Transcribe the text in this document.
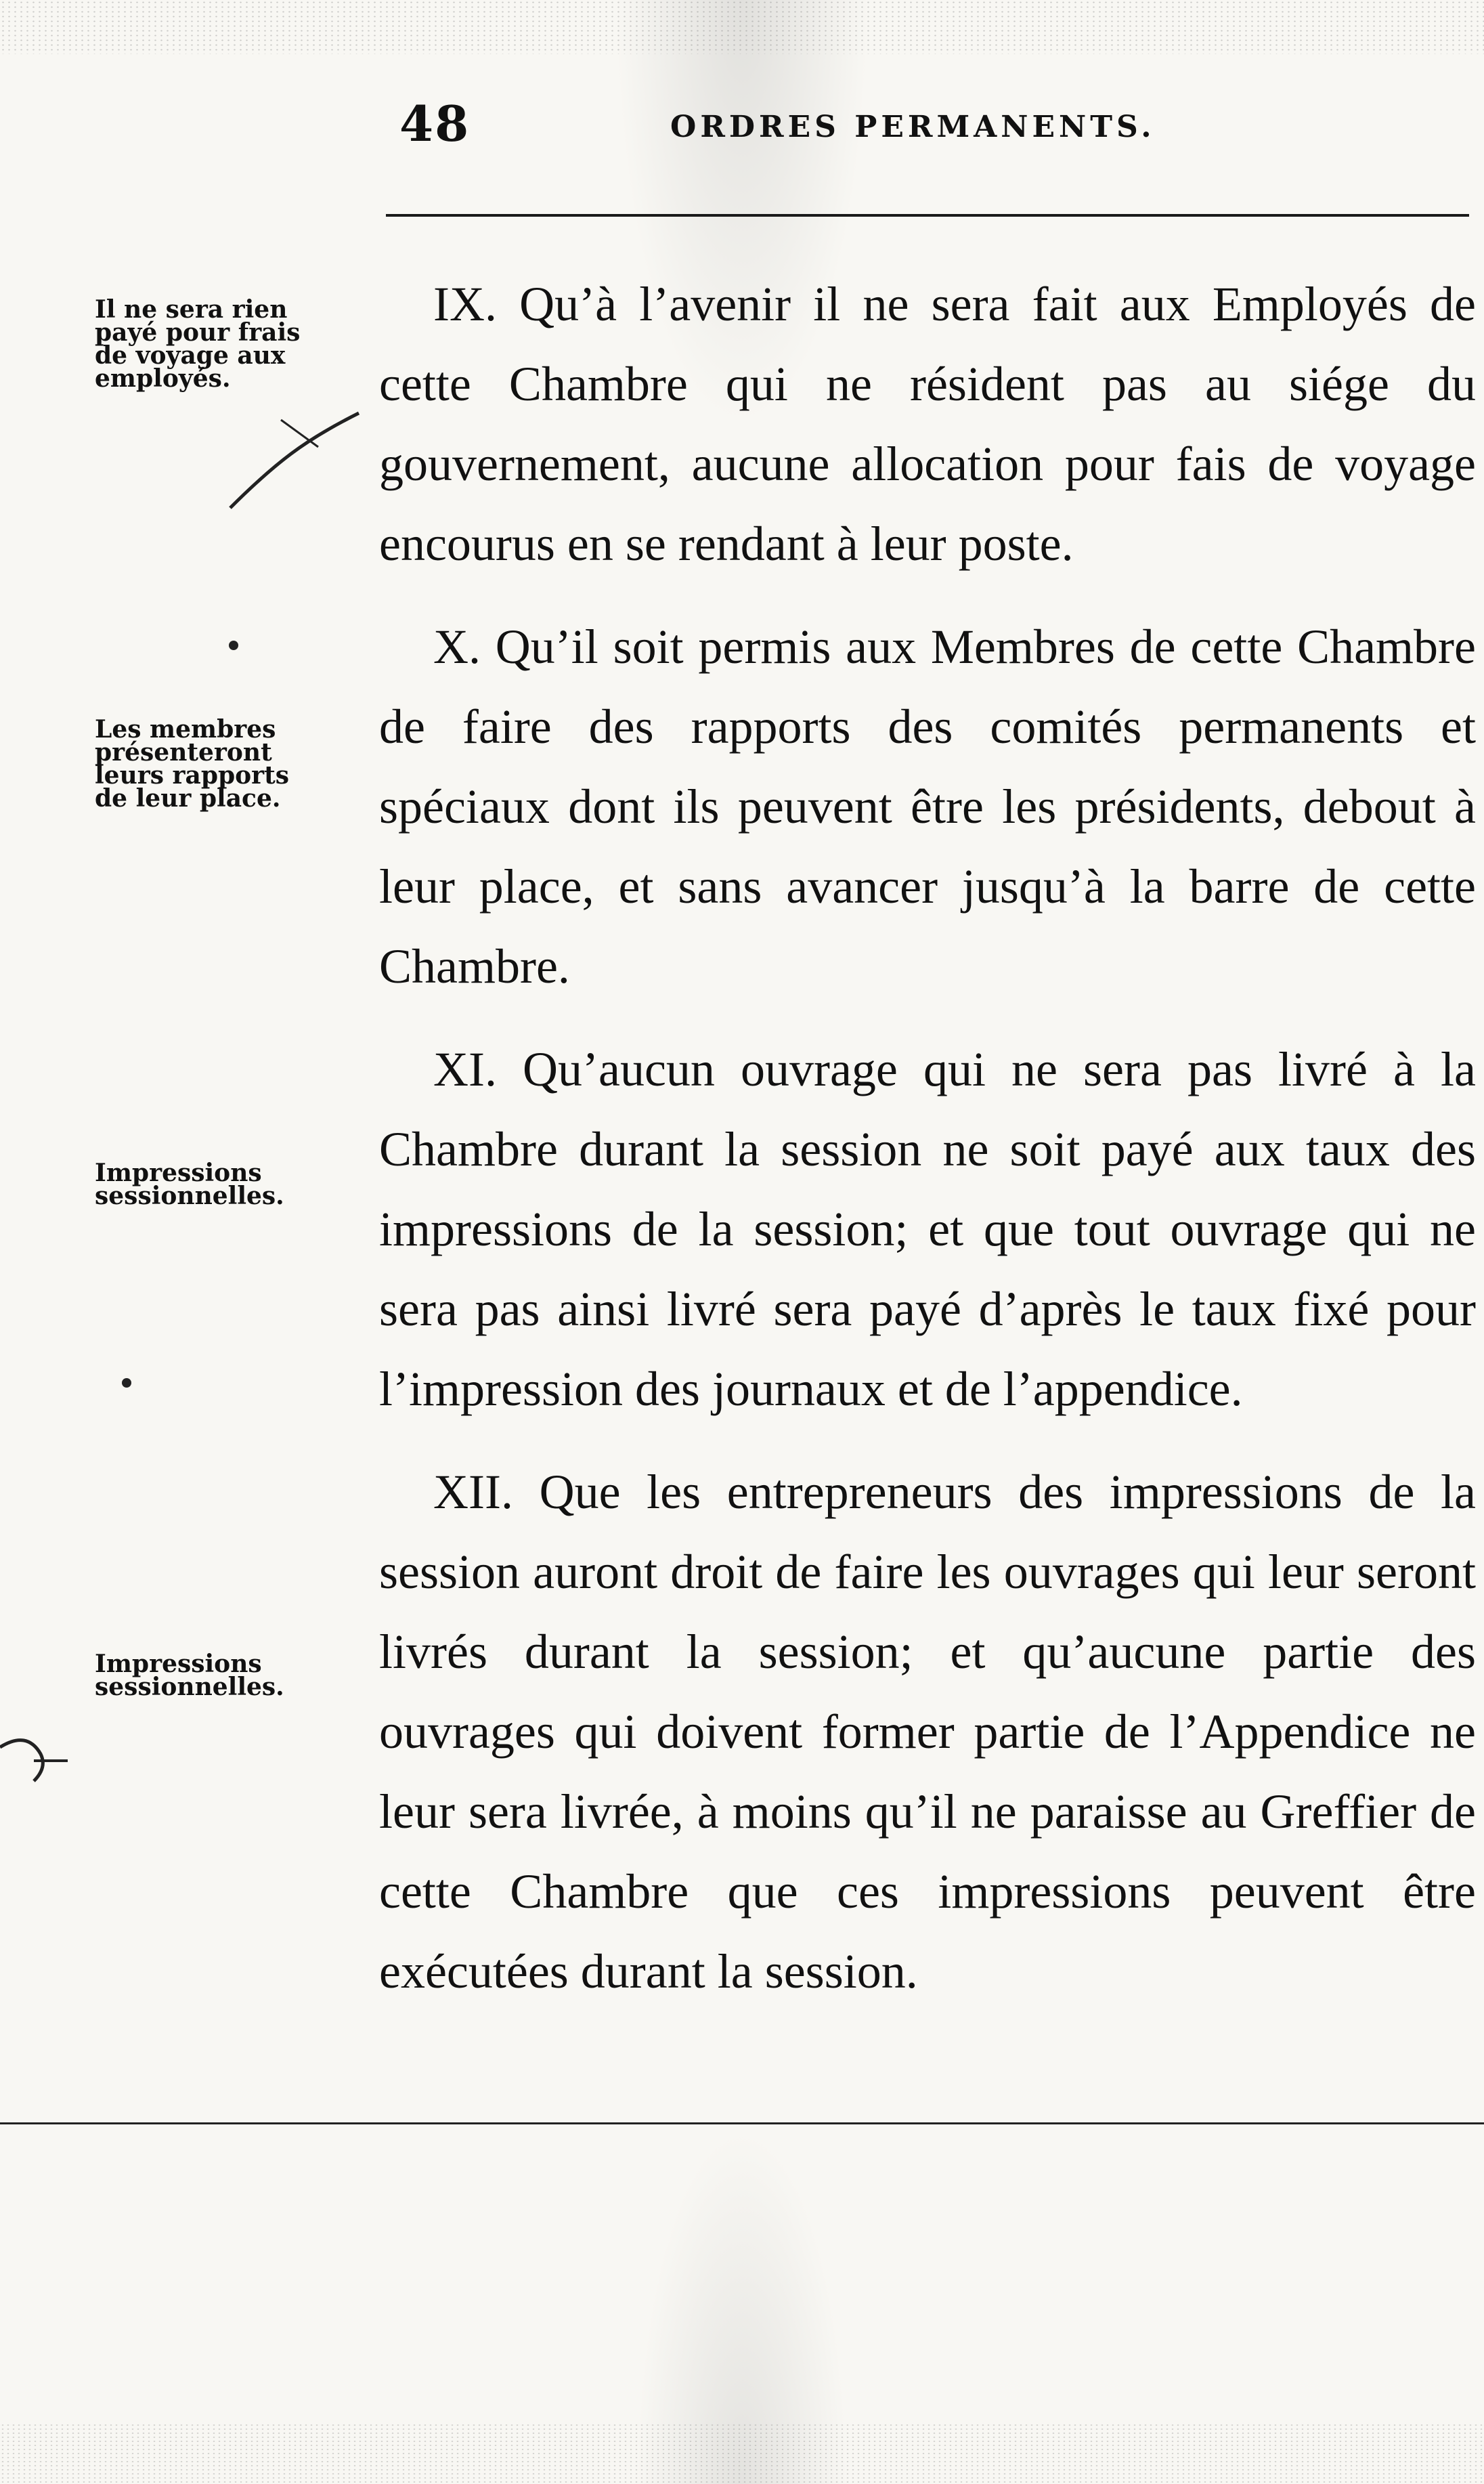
48	ORDRES PERMANENTS.
Il ne sera rien
payé pour frais
de voyage aux
employés.
Les membres
présenteront
leurs rapports
de leur place.
Impressions
sessionnelles.
Impressions
sessionnelles.

IX. Qu’à l’avenir il ne sera fait aux Employés de cette Chambre qui ne résident pas au siége du gouvernement, aucune allocation pour fais de voyage encourus en se rendant à leur poste.

X. Qu’il soit permis aux Membres de cette Chambre de faire des rapports des comités permanents et spéciaux dont ils peuvent être les présidents, debout à leur place, et sans avancer jusqu’à la barre de cette Chambre.

XI. Qu’aucun ouvrage qui ne sera pas livré à la Chambre durant la session ne soit payé aux taux des impressions de la session; et que tout ouvrage qui ne sera pas ainsi livré sera payé d’après le taux fixé pour l’impression des journaux et de l’appendice.

XII. Que les entrepreneurs des impressions de la session auront droit de faire les ouvrages qui leur seront livrés durant la session; et qu’aucune partie des ouvrages qui doivent former partie de l’Appendice ne leur sera livrée, à moins qu’il ne paraisse au Greffier de cette Chambre que ces impressions peuvent être exécutées durant la session.
